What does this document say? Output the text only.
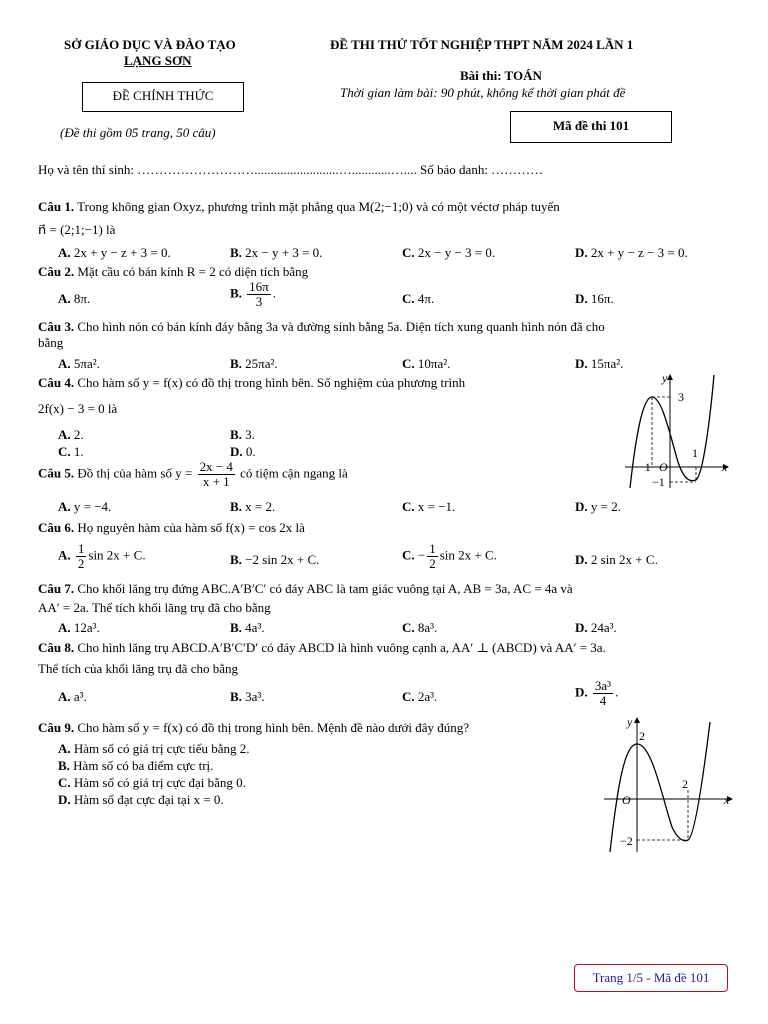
SỞ GIÁO DỤC VÀ ĐÀO TẠO
LẠNG SƠN
ĐỀ THI THỬ TỐT NGHIỆP THPT NĂM 2024 LẦN 1
ĐỀ CHÍNH THỨC
Bài thi: TOÁN
Thời gian làm bài: 90 phút, không kể thời gian phát đề
(Đề thi gồm 05 trang, 50 câu)	Mã đề thi 101
Họ và tên thí sinh: ………………………..........................…............….... Số báo danh: …………
Câu 1. Trong không gian Oxyz, phương trình mặt phẳng qua M(2;−1;0) và có một véctơ pháp tuyến
n⃗ = (2;1;−1) là
A. 2x + y − z + 3 = 0.	B. 2x − y + 3 = 0.	C. 2x − y − 3 = 0.	D. 2x + y − z − 3 = 0.
Câu 2. Mặt cầu có bán kính R = 2 có diện tích bằng
A. 8π.	B. $\frac{16\pi}{3}$ .	C. 4π.	D. 16π.
Câu 3. Cho hình nón có bán kính đáy bằng 3a và đường sinh bằng 5a. Diện tích xung quanh hình nón đã cho
bằng
A. 5πa².	B. 25πa².	C. 10πa².	D. 15πa².
Câu 4. Cho hàm số y = f(x) có đồ thị trong hình bên. Số nghiệm của phương trình
2f(x) − 3 = 0 là
A. 2.	B. 3.
C. 1.	D. 0.
y
x
3
1
−1 O
−1
Câu 5. Đồ thị của hàm số $y = \frac{2x - 4}{x + 1}$ có tiệm cận ngang là
A. y = −4.	B. x = 2.	C. x = −1.	D. y = 2.
Câu 6. Họ nguyên hàm của hàm số f(x) = cos 2x là
A. $\frac{1}{2}$ sin 2x + C.	B. −2 sin 2x + C.	C. − $\frac{1}{2}$ sin 2x + C.	D. 2 sin 2x + C.
Câu 7. Cho khối lăng trụ đứng ABC.A′B′C′ có đáy ABC là tam giác vuông tại A, AB = 3a, AC = 4a và
AA′ = 2a. Thể tích khối lăng trụ đã cho bằng
A. 12a³.	B. 4a³.	C. 8a³.	D. 24a³.
Câu 8. Cho hình lăng trụ ABCD.A′B′C′D′ có đáy ABCD là hình vuông cạnh a, AA′ ⊥ (ABCD) và AA′ = 3a.
Thể tích của khối lăng trụ đã cho bằng
A. a³.	B. 3a³.	C. 2a³.	D. $\frac{\text{3a³}}{4}$ .
Câu 9. Cho hàm số y = f(x) có đồ thị trong hình bên. Mệnh đề nào dưới đây đúng?
A. Hàm số có giá trị cực tiểu bằng 2.
B. Hàm số có ba điểm cực trị.
C. Hàm số có giá trị cực đại bằng 0.
D. Hàm số đạt cực đại tại x = 0.
y
x
2
2
O
−2
Trang 1/5 - Mã đề 101
